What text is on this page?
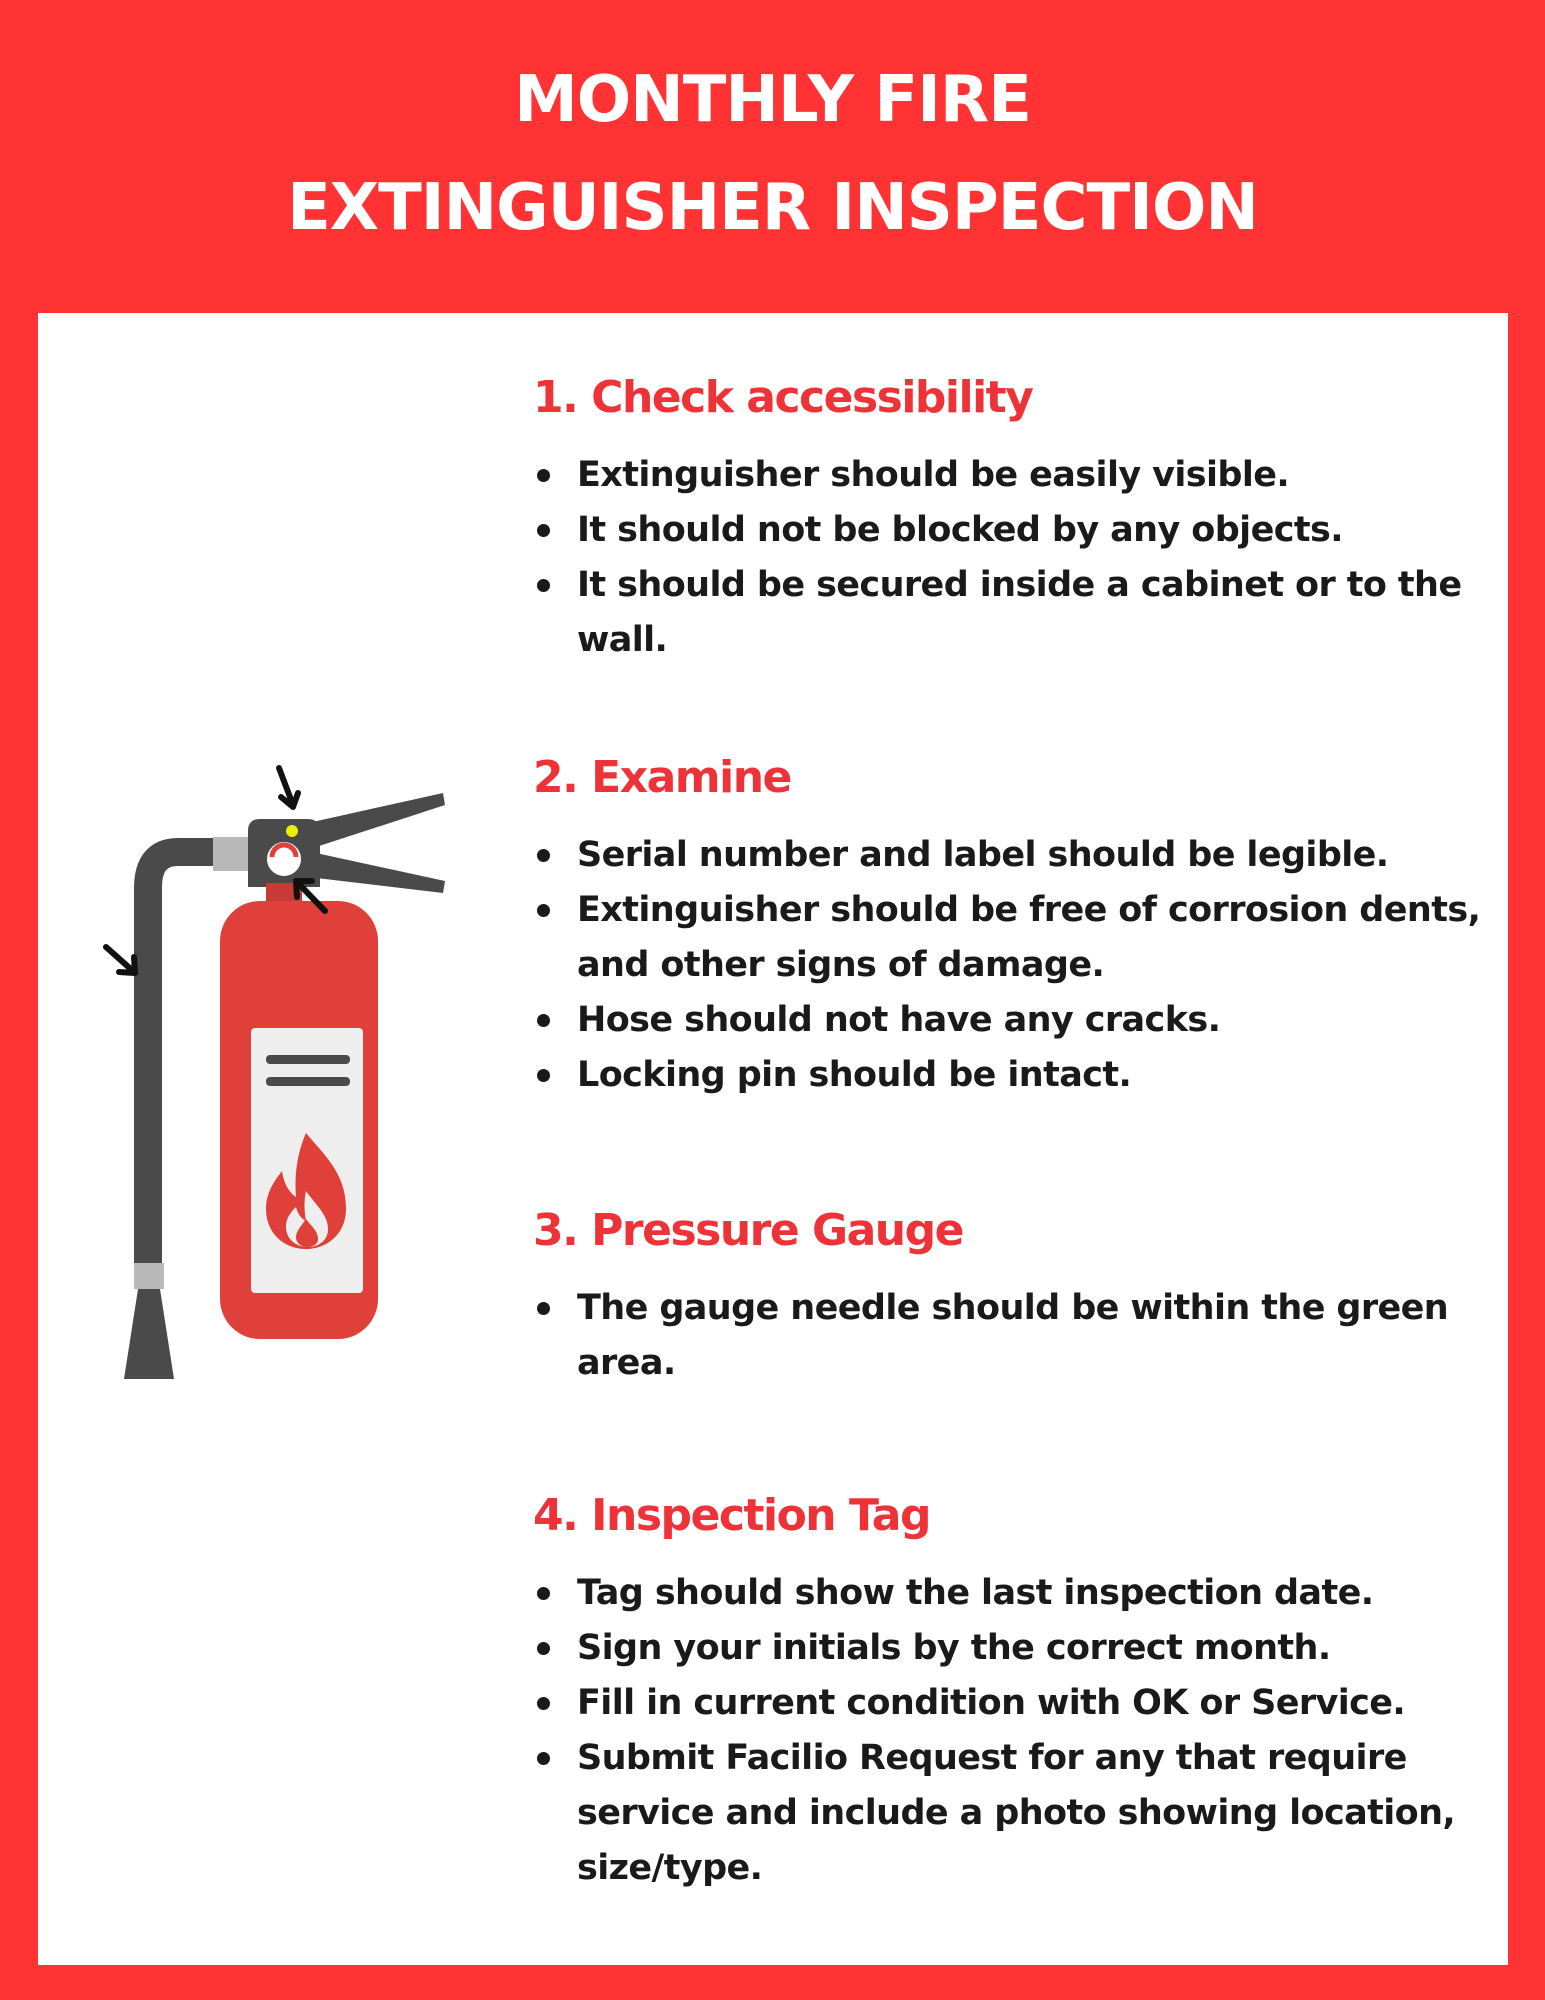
MONTHLY FIRE
EXTINGUISHER INSPECTION
1. Check accessibility
Extinguisher should be easily visible.
It should not be blocked by any objects.
It should be secured inside a cabinet or to the wall.
2. Examine
Serial number and label should be legible.
Extinguisher should be free of corrosion dents, and other signs of damage.
Hose should not have any cracks.
Locking pin should be intact.
3. Pressure Gauge
The gauge needle should be within the green area.
4. Inspection Tag
Tag should show the last inspection date.
Sign your initials by the correct month.
Fill in current condition with OK or Service.
Submit Facilio Request for any that require service and include a photo showing location, size/type.
